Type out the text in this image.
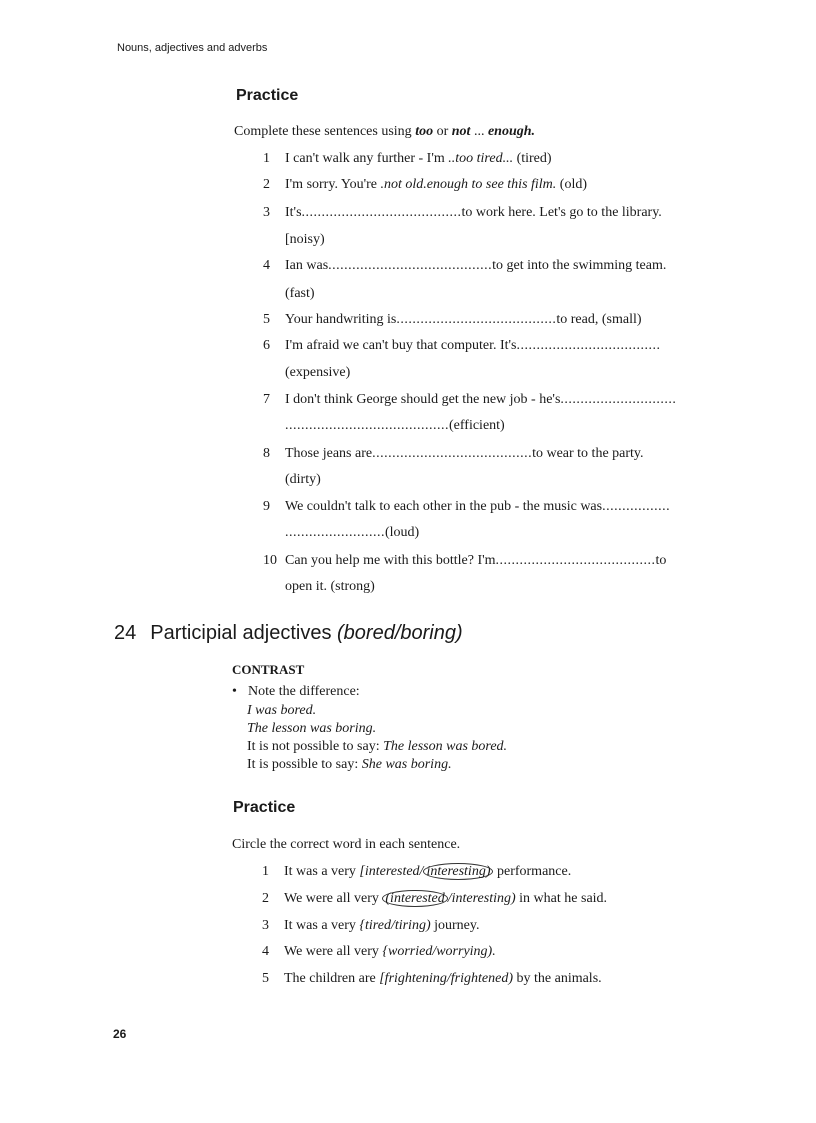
Nouns, adjectives and adverbs
Practice
Complete these sentences using too or not ... enough.
1 I can't walk any further - I'm ..too tired... (tired)
2 I'm sorry. You're .not old.enough to see this film. (old)
3 It's........................................to work here. Let's go to the library.
[noisy)
4 Ian was.........................................to get into the swimming team.
(fast)
5 Your handwriting is........................................to read, (small)
6 I'm afraid we can't buy that computer. It's....................................
(expensive)
7 I don't think George should get the new job - he's.............................
.........................................(efficient)
8 Those jeans are........................................to wear to the party.
(dirty)
9 We couldn't talk to each other in the pub - the music was.................
.........................(loud)
10 Can you help me with this bottle? I'm........................................to
open it. (strong)
24 Participial adjectives (bored/boring)
CONTRAST
• Note the difference:
I was bored.
The lesson was boring.
It is not possible to say: The lesson was bored.
It is possible to say: She was boring.
Practice
Circle the correct word in each sentence.
1 It was a very [interested/ interesting) performance.
2 We were all very (interested /interesting) in what he said.
3 It was a very {tired/tiring) journey.
4 We were all very {worried/worrying).
5 The children are [frightening/frightened) by the animals.
26
